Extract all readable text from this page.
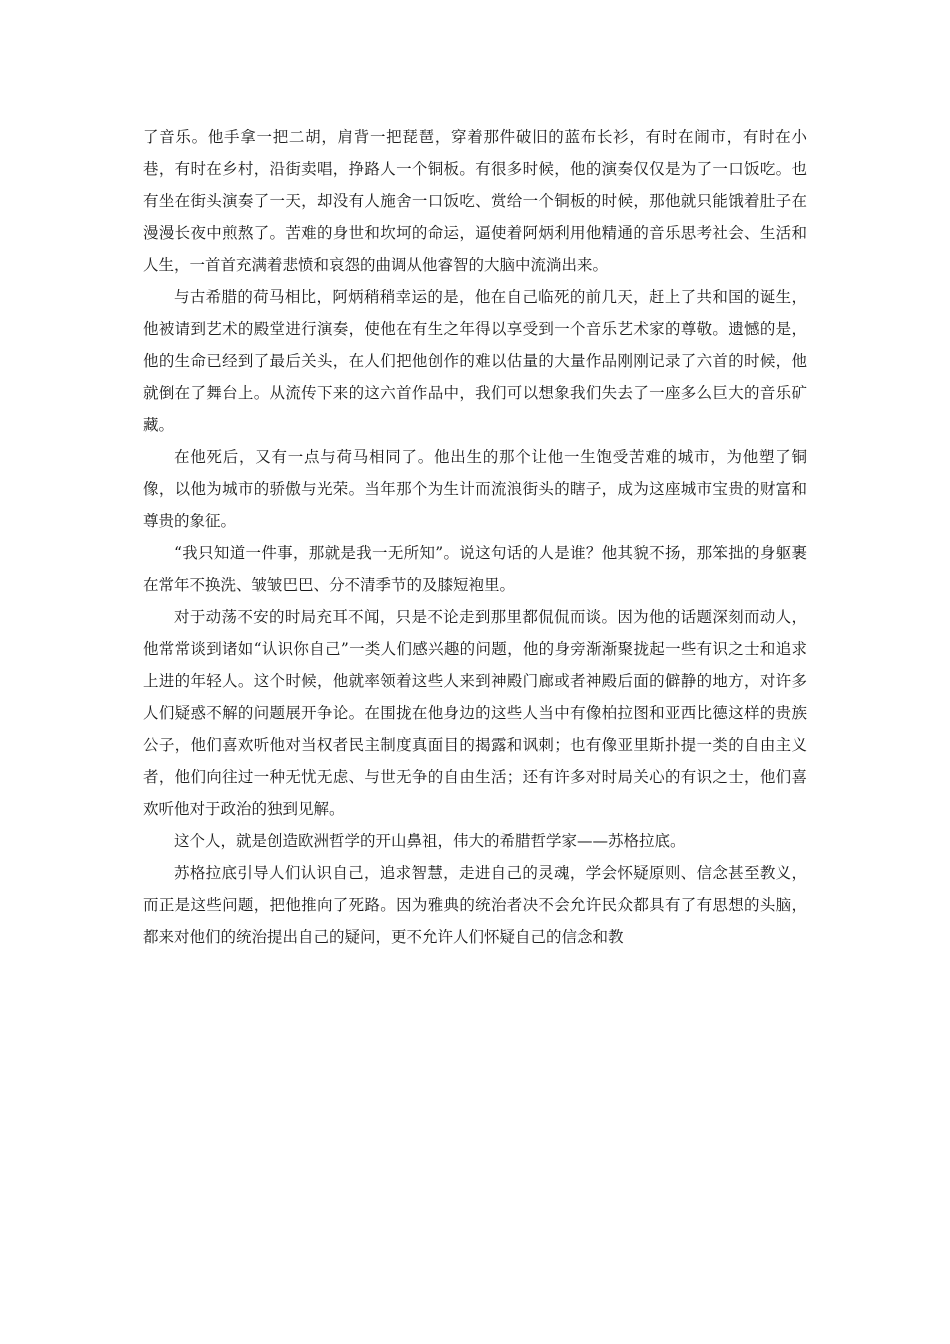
了音乐。他手拿一把二胡，肩背一把琵琶，穿着那件破旧的蓝布长衫，有时在闹市，有时在小巷，有时在乡村，沿街卖唱，挣路人一个铜板。有很多时候，他的演奏仅仅是为了一口饭吃。也有坐在街头演奏了一天，却没有人施舍一口饭吃、赏给一个铜板的时候，那他就只能饿着肚子在漫漫长夜中煎熬了。苦难的身世和坎坷的命运，逼使着阿炳利用他精通的音乐思考社会、生活和人生，一首首充满着悲愤和哀怨的曲调从他睿智的大脑中流淌出来。

与古希腊的荷马相比，阿炳稍稍幸运的是，他在自己临死的前几天，赶上了共和国的诞生，他被请到艺术的殿堂进行演奏，使他在有生之年得以享受到一个音乐艺术家的尊敬。遗憾的是，他的生命已经到了最后关头，在人们把他创作的难以估量的大量作品刚刚记录了六首的时候，他就倒在了舞台上。从流传下来的这六首作品中，我们可以想象我们失去了一座多么巨大的音乐矿藏。

在他死后，又有一点与荷马相同了。他出生的那个让他一生饱受苦难的城市，为他塑了铜像，以他为城市的骄傲与光荣。当年那个为生计而流浪街头的瞎子，成为这座城市宝贵的财富和尊贵的象征。

“我只知道一件事，那就是我一无所知”。说这句话的人是谁？他其貌不扬，那笨拙的身躯裹在常年不换洗、皱皱巴巴、分不清季节的及膝短袍里。

对于动荡不安的时局充耳不闻，只是不论走到那里都侃侃而谈。因为他的话题深刻而动人，他常常谈到诸如“认识你自己”一类人们感兴趣的问题，他的身旁渐渐聚拢起一些有识之士和追求上进的年轻人。这个时候，他就率领着这些人来到神殿门廊或者神殿后面的僻静的地方，对许多人们疑惑不解的问题展开争论。在围拢在他身边的这些人当中有像柏拉图和亚西比德这样的贵族公子，他们喜欢听他对当权者民主制度真面目的揭露和讽刺；也有像亚里斯扑提一类的自由主义者，他们向往过一种无忧无虑、与世无争的自由生活；还有许多对时局关心的有识之士，他们喜欢听他对于政治的独到见解。

这个人，就是创造欧洲哲学的开山鼻祖，伟大的希腊哲学家——苏格拉底。

苏格拉底引导人们认识自己，追求智慧，走进自己的灵魂，学会怀疑原则、信念甚至教义，而正是这些问题，把他推向了死路。因为雅典的统治者决不会允许民众都具有了有思想的头脑，都来对他们的统治提出自己的疑问，更不允许人们怀疑自己的信念和教
